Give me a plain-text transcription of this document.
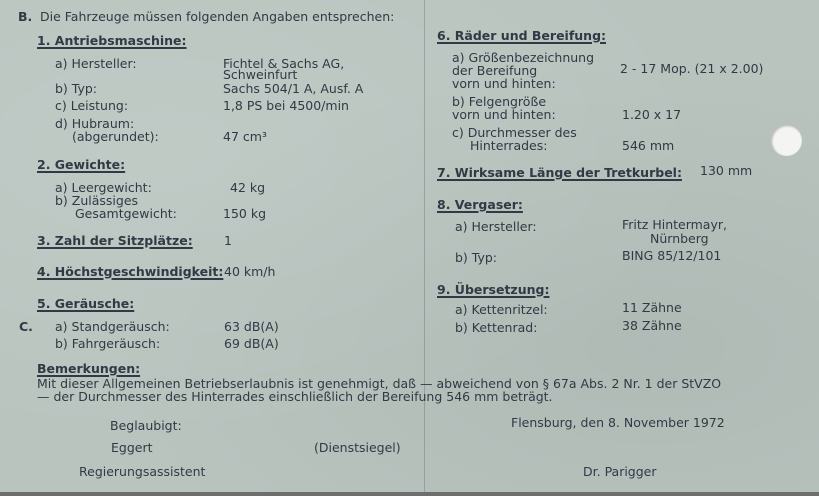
B. Die Fahrzeuge müssen folgenden Angaben entsprechen:
1. Antriebsmaschine:
a) Hersteller:	Fichtel & Sachs AG,
Schweinfurt
b) Typ:	Sachs 504/1 A, Ausf. A
c) Leistung:	1,8 PS bei 4500/min
d) Hubraum:
(abgerundet):	47 cm³
2. Gewichte:
a) Leergewicht:	42 kg
b) Zulässiges
Gesamtgewicht:	150 kg
3. Zahl der Sitzplätze:	1
4. Höchstgeschwindigkeit: 40 km/h
5. Geräusche:
C. a) Standgeräusch:	63 dB(A)
b) Fahrgeräusch:	69 dB(A)
6. Räder und Bereifung:
a) Größenbezeichnung
der Bereifung
vorn und hinten:
2 - 17 Mop. (21 x 2.00)
b) Felgengröße
vorn und hinten:	1.20 x 17
c) Durchmesser des
Hinterrades:	546 mm
7. Wirksame Länge der Tretkurbel: 130 mm
8. Vergaser:
a) Hersteller:	Fritz Hintermayr,
Nürnberg
b) Typ:	BING 85/12/101
9. Übersetzung:
a) Kettenritzel:	11 Zähne
b) Kettenrad:	38 Zähne
Bemerkungen:
Mit dieser Allgemeinen Betriebserlaubnis ist genehmigt, daß — abweichend von § 67a Abs. 2 Nr. 1 der StVZO
— der Durchmesser des Hinterrades einschließlich der Bereifung 546 mm beträgt.
Beglaubigt:	Flensburg, den 8. November 1972
Eggert	(Dienstsiegel)
Regierungsassistent	Dr. Parigger
